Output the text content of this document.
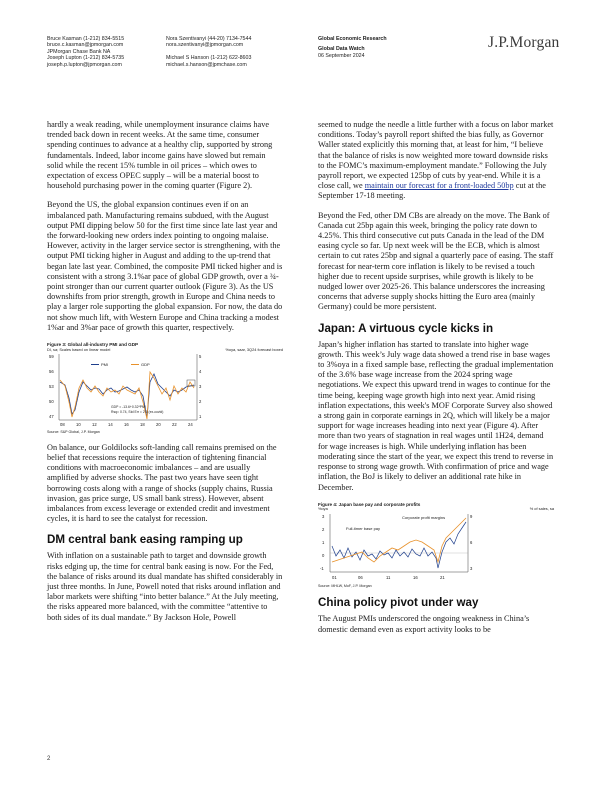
Bruce Kasman (1-212) 834-5515
bruce.c.kasman@jpmorgan.com
JPMorgan Chase Bank NA
Joseph Lupton (1-212) 834-5735
joseph.p.lupton@jpmorgan.com
Nora Szentivanyi (44-20) 7134-7544
nora.szentivanyi@jpmorgan.com

Michael S Hanson (1-212) 622-8603
michael.s.hanson@jpmchase.com
Global Economic Research
Global Data Watch
06 September 2024
J.P.Morgan

hardly a weak reading, while unemployment insurance claims have trended back down in recent weeks. At the same time, consumer spending continues to advance at a healthy clip, supported by strong fundamentals. Indeed, labor income gains have slowed but remain solid while the recent 15% tumble in oil prices – which owes to expectation of excess OPEC supply – will be a material boost to household purchasing power in the coming quarter (Figure 2).

Beyond the US, the global expansion continues even if on an imbalanced path. Manufacturing remains subdued, with the August output PMI dipping below 50 for the first time since late last year and the forward-looking new orders index pointing to ongoing malaise. However, activity in the larger service sector is strengthening, with the output PMI ticking higher in August and adding to the up-trend that began late last year. Combined, the composite PMI ticked higher and is consistent with a strong 3.1%ar pace of global GDP growth, over a ¾-point stronger than our current quarter outlook (Figure 3). As the US downshifts from prior strength, growth in Europe and China needs to play a larger role supporting the global expansion. For now, the data do not show much lift, with Western Europe and China tracking a modest 1%ar and 3%ar pace of growth this quarter, respectively.

Figure 3: Global all-industry PMI and GDP
DI, sa; Scales based on linear model	%oya, saar, 3Q24 forecast boxed
59
56
53
50
47
5
4
3
2
1
08	10	12	14	16	18	20	22	24
PMI	GDP
GDP = -13.6+0.32*PMI
Rsq= 0.74, Std Err = 2.6 (ex-covid)
Source: S&P Global, J.P. Morgan

On balance, our Goldilocks soft-landing call remains premised on the belief that recessions require the interaction of tightening financial conditions with macroeconomic imbalances – and are usually amplified by adverse shocks. The past two years have seen tight borrowing costs along with a range of shocks (supply chains, Russia invasion, gas price surge, US small bank stress). However, absent imbalances from excess leverage or extended credit and investment cycles, it is hard to see the catalyst for recession.

DM central bank easing ramping up

With inflation on a sustainable path to target and downside growth risks edging up, the time for central bank easing is now. For the Fed, the balance of risks around its dual mandate has shifted considerably in just three months. In June, Powell noted that risks around inflation and labor markets were shifting “into better balance.” At the July meeting, the risks appeared more balanced, with the committee “attentive to both sides of its dual mandate.” By Jackson Hole, Powell

seemed to nudge the needle a little further with a focus on labor market conditions. Today’s payroll report shifted the bias fully, as Governor Waller stated explicitly this morning that, at least for him, “I believe that the balance of risks is now weighted more toward downside risks to the FOMC’s maximum-employment mandate.” Following the July payroll report, we expected 125bp of cuts by year-end. While it is a close call, we maintain our forecast for a front-loaded 50bp cut at the September 17-18 meeting.

Beyond the Fed, other DM CBs are already on the move. The Bank of Canada cut 25bp again this week, bringing the policy rate down to 4.25%. This third consecutive cut puts Canada in the lead of the DM easing cycle so far. Up next week will be the ECB, which is almost certain to cut rates 25bp and signal a quarterly pace of easing. The staff forecast for near-term core inflation is likely to be revised a touch higher due to recent upside surprises, while growth is likely to be nudged lower over 2025-26. This balance underscores the increasing concerns that adverse supply shocks hitting the Euro area (mainly Germany) could be more persistent.

Japan: A virtuous cycle kicks in

Japan’s higher inflation has started to translate into higher wage growth. This week’s July wage data showed a trend rise in base wages to 3%oya in a fixed sample base, reflecting the gradual implementation of the 3.6% base wage increase from the 2024 spring wage negotiations. We expect this upward trend in wages to continue for the time being, keeping wage growth high into next year. Amid rising inflation expectations, this week's MOF Corporate Survey also showed a strong gain in corporate earnings in 2Q, which will likely be a major support for wage increases heading into next year (Figure 4). After more than two years of stagnation in real wages until 1H24, demand for wage increases is high. While underlying inflation has been moderating since the start of the year, we expect this trend to reverse in response to strong wage growth. With confirmation of price and wage inflation, the BoJ is likely to deliver an additional rate hike in December.

Figure 4: Japan base pay and corporate profits
%oya	% of sales, sa
3
2
1
0
-1
9
6
3
01	06	11	16	21
Corporate profit margins
Full-timer base pay
Source: MHLW, MoF, J.P. Morgan
China policy pivot under way

The August PMIs underscored the ongoing weakness in China’s domestic demand even as export activity looks to be

2
